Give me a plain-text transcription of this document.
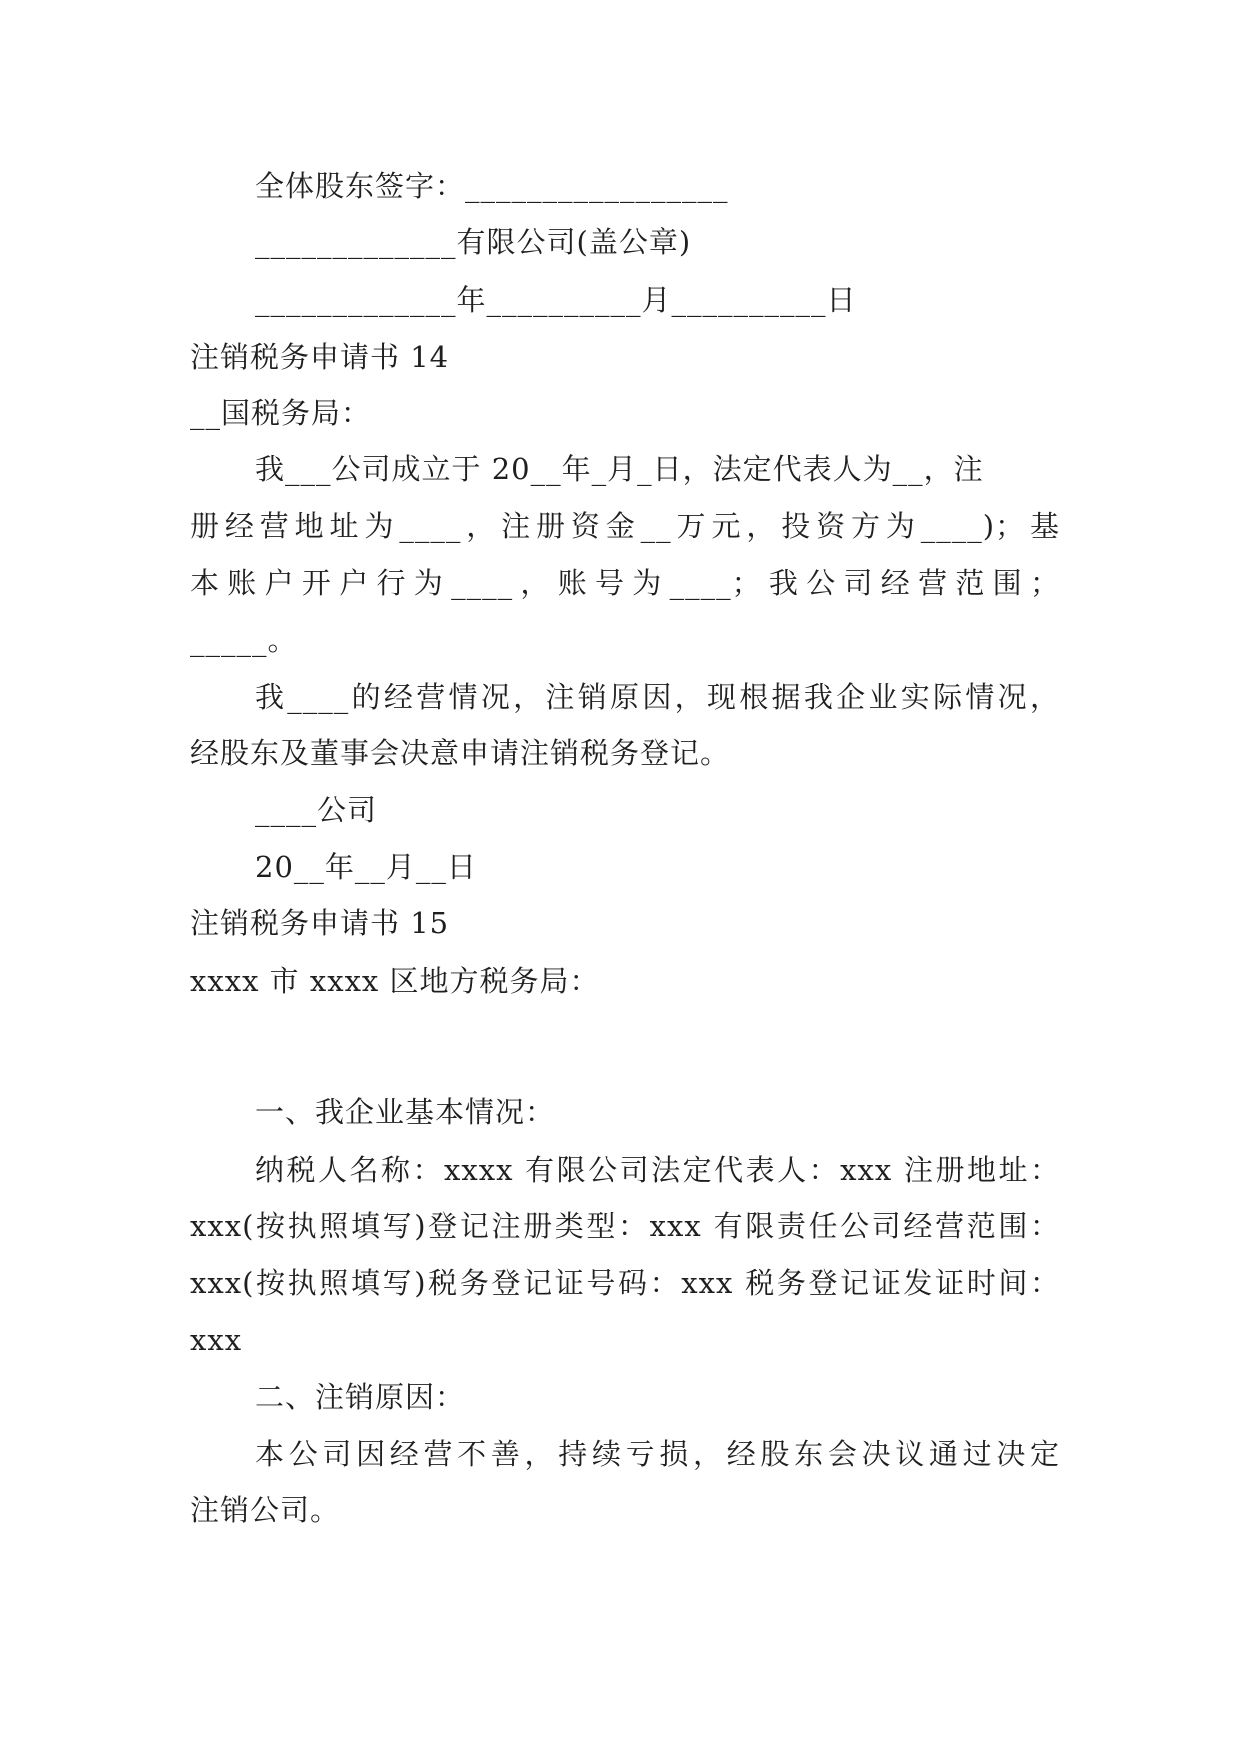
全体股东签字：_________________
_____________有限公司(盖公章)
_____________年__________月__________日
注销税务申请书 14
__国税务局：
我___公司成立于 20__年_月_日，法定代表人为__，注
册经营地址为____，注册资金__万元，投资方为____)；基
本账户开户行为____，账号为____；我公司经营范围；
_____。
我____的经营情况，注销原因，现根据我企业实际情况，
经股东及董事会决意申请注销税务登记。
____公司
20__年__月__日
注销税务申请书 15
xxxx 市 xxxx 区地方税务局：
一、我企业基本情况：
纳税人名称：xxxx 有限公司法定代表人：xxx 注册地址：
xxx(按执照填写)登记注册类型：xxx 有限责任公司经营范围：
xxx(按执照填写)税务登记证号码：xxx 税务登记证发证时间：
xxx
二、注销原因：
本公司因经营不善，持续亏损，经股东会决议通过决定
注销公司。
